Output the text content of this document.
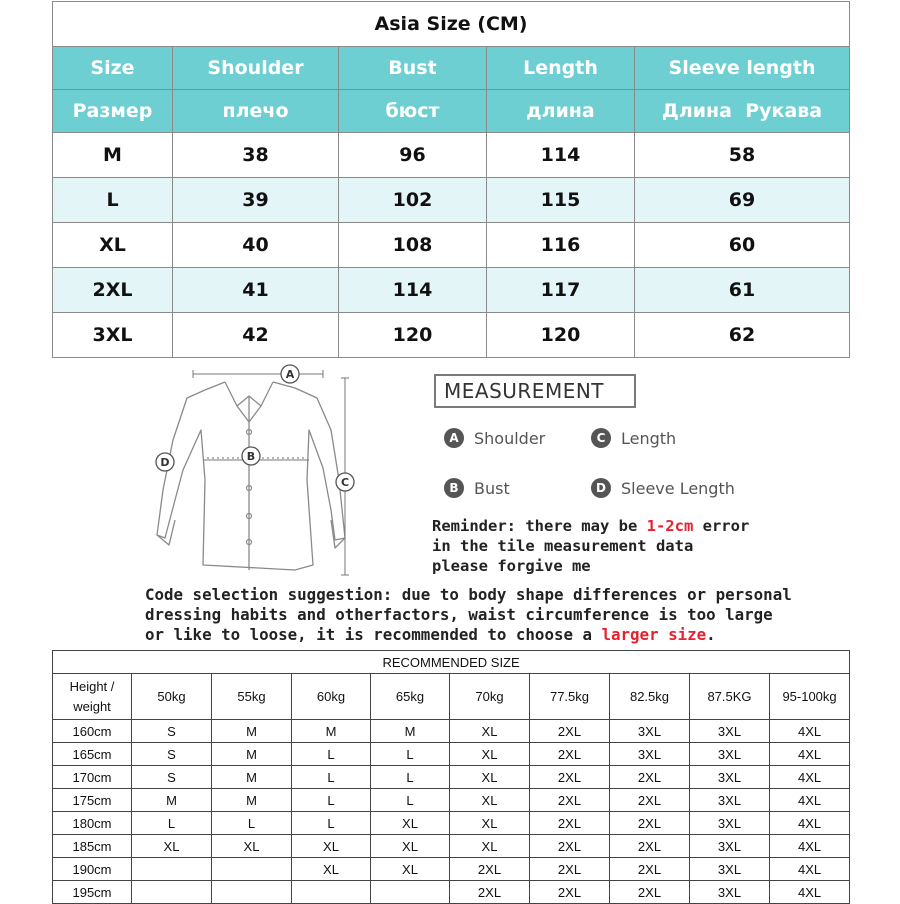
Asia Size (CM)				
Size	Shoulder	Bust	Length	Sleeve length
Размер	плечо	бюст	длина	Длина  Рукава
M	38	96	114	58
L	39	102	115	69
XL	40	108	116	60
2XL	41	114	117	61
3XL	42	120	120	62
A
B
C
D
MEASUREMENT
A Shoulder	C Length
B Bust	D Sleeve Length
Reminder: there may be 1-2cm error
in the tile measurement data
please forgive me
Code selection suggestion: due to body shape differences or personal
dressing habits and otherfactors, waist circumference is too large
or like to loose, it is recommended to choose a larger size.
RECOMMENDED SIZE									

Height /
weight	50kg	55kg	60kg	65kg	70kg	77.5kg	82.5kg	87.5KG	95-100kg
160cm	S	M	M	M	XL	2XL	3XL	3XL	4XL
165cm	S	M	L	L	XL	2XL	3XL	3XL	4XL
170cm	S	M	L	L	XL	2XL	2XL	3XL	4XL
175cm	M	M	L	L	XL	2XL	2XL	3XL	4XL
180cm	L	L	L	XL	XL	2XL	2XL	3XL	4XL
185cm	XL	XL	XL	XL	XL	2XL	2XL	3XL	4XL
190cm			XL	XL	2XL	2XL	2XL	3XL	4XL
195cm					2XL	2XL	2XL	3XL	4XL
